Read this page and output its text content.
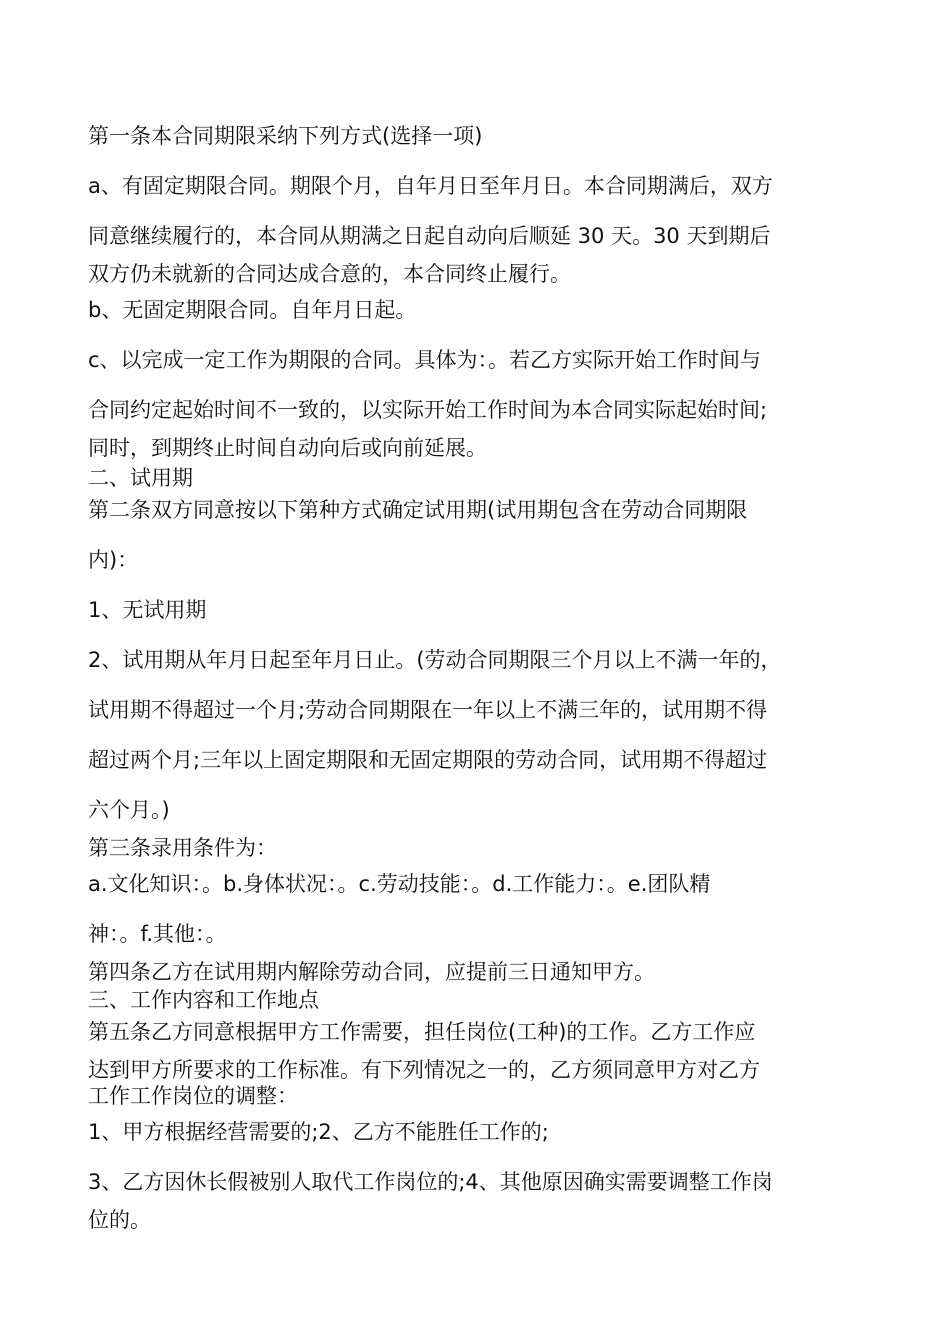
第一条本合同期限采纳下列方式(选择一项)
a、有固定期限合同。期限个月，自年月日至年月日。本合同期满后，双方
同意继续履行的，本合同从期满之日起自动向后顺延 30 天。30 天到期后
双方仍未就新的合同达成合意的，本合同终止履行。
b、无固定期限合同。自年月日起。
c、以完成一定工作为期限的合同。具体为：。若乙方实际开始工作时间与
合同约定起始时间不一致的，以实际开始工作时间为本合同实际起始时间;
同时，到期终止时间自动向后或向前延展。
二、试用期
第二条双方同意按以下第种方式确定试用期(试用期包含在劳动合同期限
内)：
1、无试用期
2、试用期从年月日起至年月日止。(劳动合同期限三个月以上不满一年的，
试用期不得超过一个月;劳动合同期限在一年以上不满三年的，试用期不得
超过两个月;三年以上固定期限和无固定期限的劳动合同，试用期不得超过
六个月。)
第三条录用条件为：
a.文化知识：。b.身体状况：。c.劳动技能：。d.工作能力：。e.团队精
神：。f.其他：。
第四条乙方在试用期内解除劳动合同，应提前三日通知甲方。
三、工作内容和工作地点
第五条乙方同意根据甲方工作需要，担任岗位(工种)的工作。乙方工作应
达到甲方所要求的工作标准。有下列情况之一的，乙方须同意甲方对乙方
工作工作岗位的调整：
1、甲方根据经营需要的;2、乙方不能胜任工作的;
3、乙方因休长假被别人取代工作岗位的;4、其他原因确实需要调整工作岗
位的。
